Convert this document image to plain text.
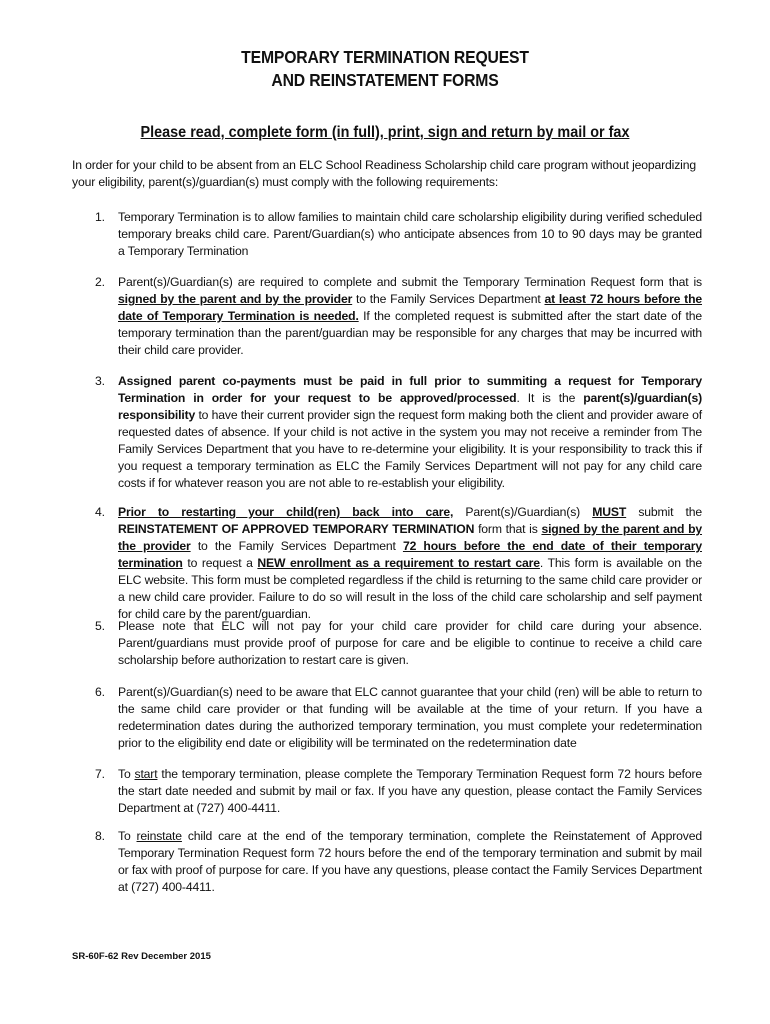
TEMPORARY TERMINATION REQUEST
AND REINSTATEMENT FORMS
Please read, complete form (in full), print, sign and return by mail or fax
In order for your child to be absent from an ELC School Readiness Scholarship child care program without jeopardizing your eligibility, parent(s)/guardian(s) must comply with the following requirements:
1. Temporary Termination is to allow families to maintain child care scholarship eligibility during verified scheduled temporary breaks child care. Parent/Guardian(s) who anticipate absences from 10 to 90 days may be granted a Temporary Termination
2. Parent(s)/Guardian(s) are required to complete and submit the Temporary Termination Request form that is signed by the parent and by the provider to the Family Services Department at least 72 hours before the date of Temporary Termination is needed. If the completed request is submitted after the start date of the temporary termination than the parent/guardian may be responsible for any charges that may be incurred with their child care provider.
3. Assigned parent co-payments must be paid in full prior to summiting a request for Temporary Termination in order for your request to be approved/processed. It is the parent(s)/guardian(s) responsibility to have their current provider sign the request form making both the client and provider aware of requested dates of absence. If your child is not active in the system you may not receive a reminder from The Family Services Department that you have to re-determine your eligibility. It is your responsibility to track this if you request a temporary termination as ELC the Family Services Department will not pay for any child care costs if for whatever reason you are not able to re-establish your eligibility.
4. Prior to restarting your child(ren) back into care, Parent(s)/Guardian(s) MUST submit the REINSTATEMENT OF APPROVED TEMPORARY TERMINATION form that is signed by the parent and by the provider to the Family Services Department 72 hours before the end date of their temporary termination to request a NEW enrollment as a requirement to restart care. This form is available on the ELC website. This form must be completed regardless if the child is returning to the same child care provider or a new child care provider. Failure to do so will result in the loss of the child care scholarship and self payment for child care by the parent/guardian.
5. Please note that ELC will not pay for your child care provider for child care during your absence. Parent/guardians must provide proof of purpose for care and be eligible to continue to receive a child care scholarship before authorization to restart care is given.
6. Parent(s)/Guardian(s) need to be aware that ELC cannot guarantee that your child (ren) will be able to return to the same child care provider or that funding will be available at the time of your return. If you have a redetermination dates during the authorized temporary termination, you must complete your redetermination prior to the eligibility end date or eligibility will be terminated on the redetermination date
7. To start the temporary termination, please complete the Temporary Termination Request form 72 hours before the start date needed and submit by mail or fax. If you have any question, please contact the Family Services Department at (727) 400-4411.
8. To reinstate child care at the end of the temporary termination, complete the Reinstatement of Approved Temporary Termination Request form 72 hours before the end of the temporary termination and submit by mail or fax with proof of purpose for care. If you have any questions, please contact the Family Services Department at (727) 400-4411.
SR-60F-62 Rev December 2015
